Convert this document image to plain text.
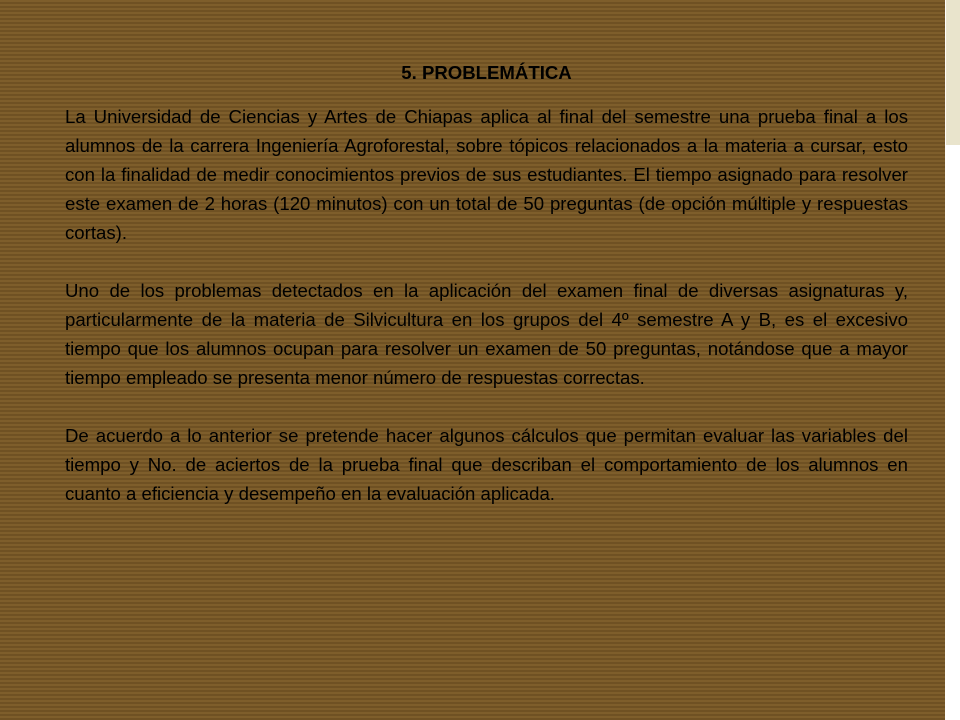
5. PROBLEMÁTICA

La Universidad de Ciencias y Artes de Chiapas aplica al final del semestre una prueba final a los alumnos de la carrera Ingeniería Agroforestal, sobre tópicos relacionados a la materia a cursar, esto con la finalidad de medir conocimientos previos de sus estudiantes. El tiempo asignado para resolver este examen de 2 horas (120 minutos) con un total de 50 preguntas (de opción múltiple y respuestas cortas).

Uno de los problemas detectados en la aplicación del examen final de diversas asignaturas y, particularmente de la materia de Silvicultura en los grupos del 4º semestre A y B, es el excesivo tiempo que los alumnos ocupan para resolver un examen de 50 preguntas, notándose que a mayor tiempo empleado se presenta menor número de respuestas correctas.

De acuerdo a lo anterior se pretende hacer algunos cálculos que permitan evaluar las variables del tiempo y No. de aciertos de la prueba final que describan el comportamiento de los alumnos en cuanto a eficiencia y desempeño en la evaluación aplicada.
